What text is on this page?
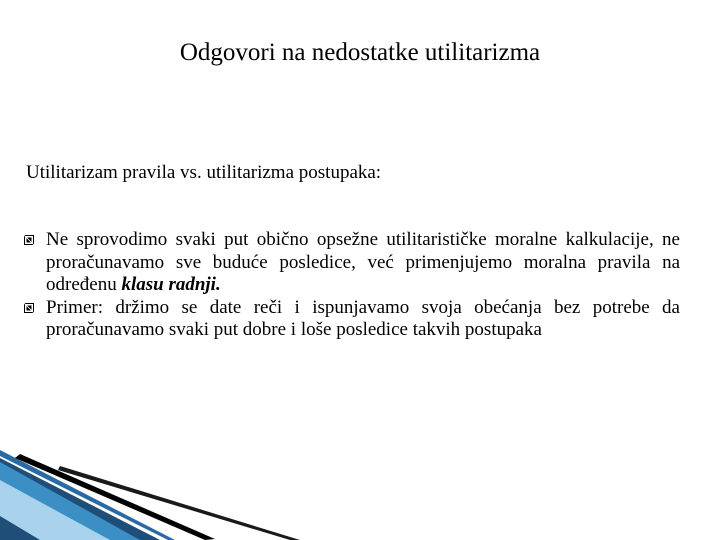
Odgovori na nedostatke utilitarizma
Utilitarizam pravila vs. utilitarizma postupaka:
Ne sprovodimo svaki put obično opsežne utilitarističke moralne kalkulacije, ne proračunavamo sve buduće posledice, već primenjujemo moralna pravila na određenu klasu radnji.
Primer: držimo se date reči i ispunjavamo svoja obećanja bez potrebe da proračunavamo svaki put dobre i loše posledice takvih postupaka
